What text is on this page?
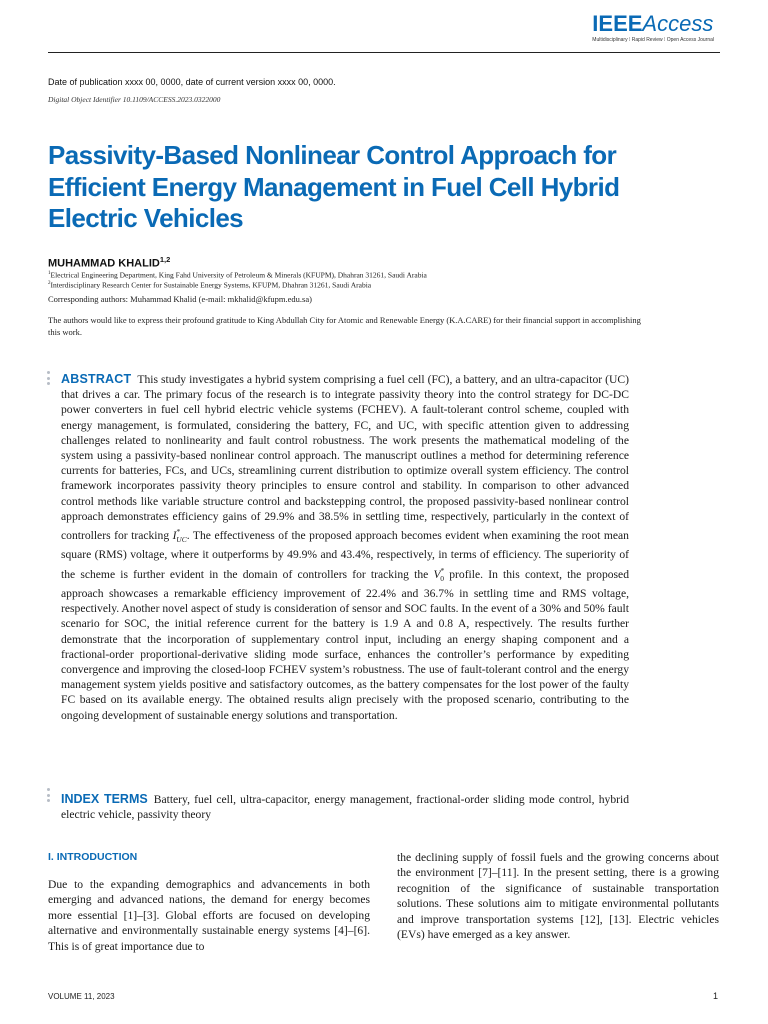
IEEEAccess
Multidisciplinary ⁞ Rapid Review ⁞ Open Access Journal
Date of publication xxxx 00, 0000, date of current version xxxx 00, 0000.
Digital Object Identifier 10.1109/ACCESS.2023.0322000
Passivity-Based Nonlinear Control Approach for Efficient Energy Management in Fuel Cell Hybrid Electric Vehicles
MUHAMMAD KHALID$^{1,2}$
$^1$Electrical Engineering Department, King Fahd University of Petroleum & Minerals (KFUPM), Dhahran 31261, Saudi Arabia
$^2$Interdisciplinary Research Center for Sustainable Energy Systems, KFUPM, Dhahran 31261, Saudi Arabia
Corresponding authors: Muhammad Khalid (e-mail: mkhalid@kfupm.edu.sa)
The authors would like to express their profound gratitude to King Abdullah City for Atomic and Renewable Energy (K.A.CARE) for their financial support in accomplishing this work.

ABSTRACT This study investigates a hybrid system comprising a fuel cell (FC), a battery, and an ultra-capacitor (UC) that drives a car. The primary focus of the research is to integrate passivity theory into the control strategy for DC-DC power converters in fuel cell hybrid electric vehicle systems (FCHEV). A fault-tolerant control scheme, coupled with energy management, is formulated, considering the battery, FC, and UC, with specific attention given to addressing challenges related to nonlinearity and fault control robustness. The work presents the mathematical modeling of the system using a passivity-based nonlinear control approach. The manuscript outlines a method for determining reference currents for batteries, FCs, and UCs, streamlining current distribution to optimize overall system efficiency. The control framework incorporates passivity theory principles to ensure control and stability. In comparison to other advanced control methods like variable structure control and backstepping control, the proposed passivity-based nonlinear control approach demonstrates efficiency gains of 29.9% and 38.5% in settling time, respectively, particularly in the context of controllers for tracking $I^*_{UC}$. The effectiveness of the proposed approach becomes evident when examining the root mean square (RMS) voltage, where it outperforms by 49.9% and 43.4%, respectively, in terms of efficiency. The superiority of the scheme is further evident in the domain of controllers for tracking the $V^*_0$ profile. In this context, the proposed approach showcases a remarkable efficiency improvement of 22.4% and 36.7% in settling time and RMS voltage, respectively. Another novel aspect of study is consideration of sensor and SOC faults. In the event of a 30% and 50% fault scenario for SOC, the initial reference current for the battery is 1.9 A and 0.8 A, respectively. The results further demonstrate that the incorporation of supplementary control input, including an energy shaping component and a fractional-order proportional-derivative sliding mode surface, enhances the controller’s performance by expediting convergence and improving the closed-loop FCHEV system’s robustness. The use of fault-tolerant control and the energy management system yields positive and satisfactory outcomes, as the battery compensates for the lost power of the faulty FC based on its available energy. The obtained results align precisely with the proposed scenario, contributing to the ongoing development of sustainable energy solutions and transportation.

INDEX TERMS Battery, fuel cell, ultra-capacitor, energy management, fractional-order sliding mode control, hybrid electric vehicle, passivity theory

I. INTRODUCTION

Due to the expanding demographics and advancements in both emerging and advanced nations, the demand for energy becomes more essential [1]–[3]. Global efforts are focused on developing alternative and environmentally sustainable energy systems [4]–[6]. This is of great importance due to

the declining supply of fossil fuels and the growing concerns about the environment [7]–[11]. In the present setting, there is a growing recognition of the significance of sustainable transportation solutions. These solutions aim to mitigate environmental pollutants and improve transportation systems [12], [13]. Electric vehicles (EVs) have emerged as a key answer.

VOLUME 11, 2023	1
